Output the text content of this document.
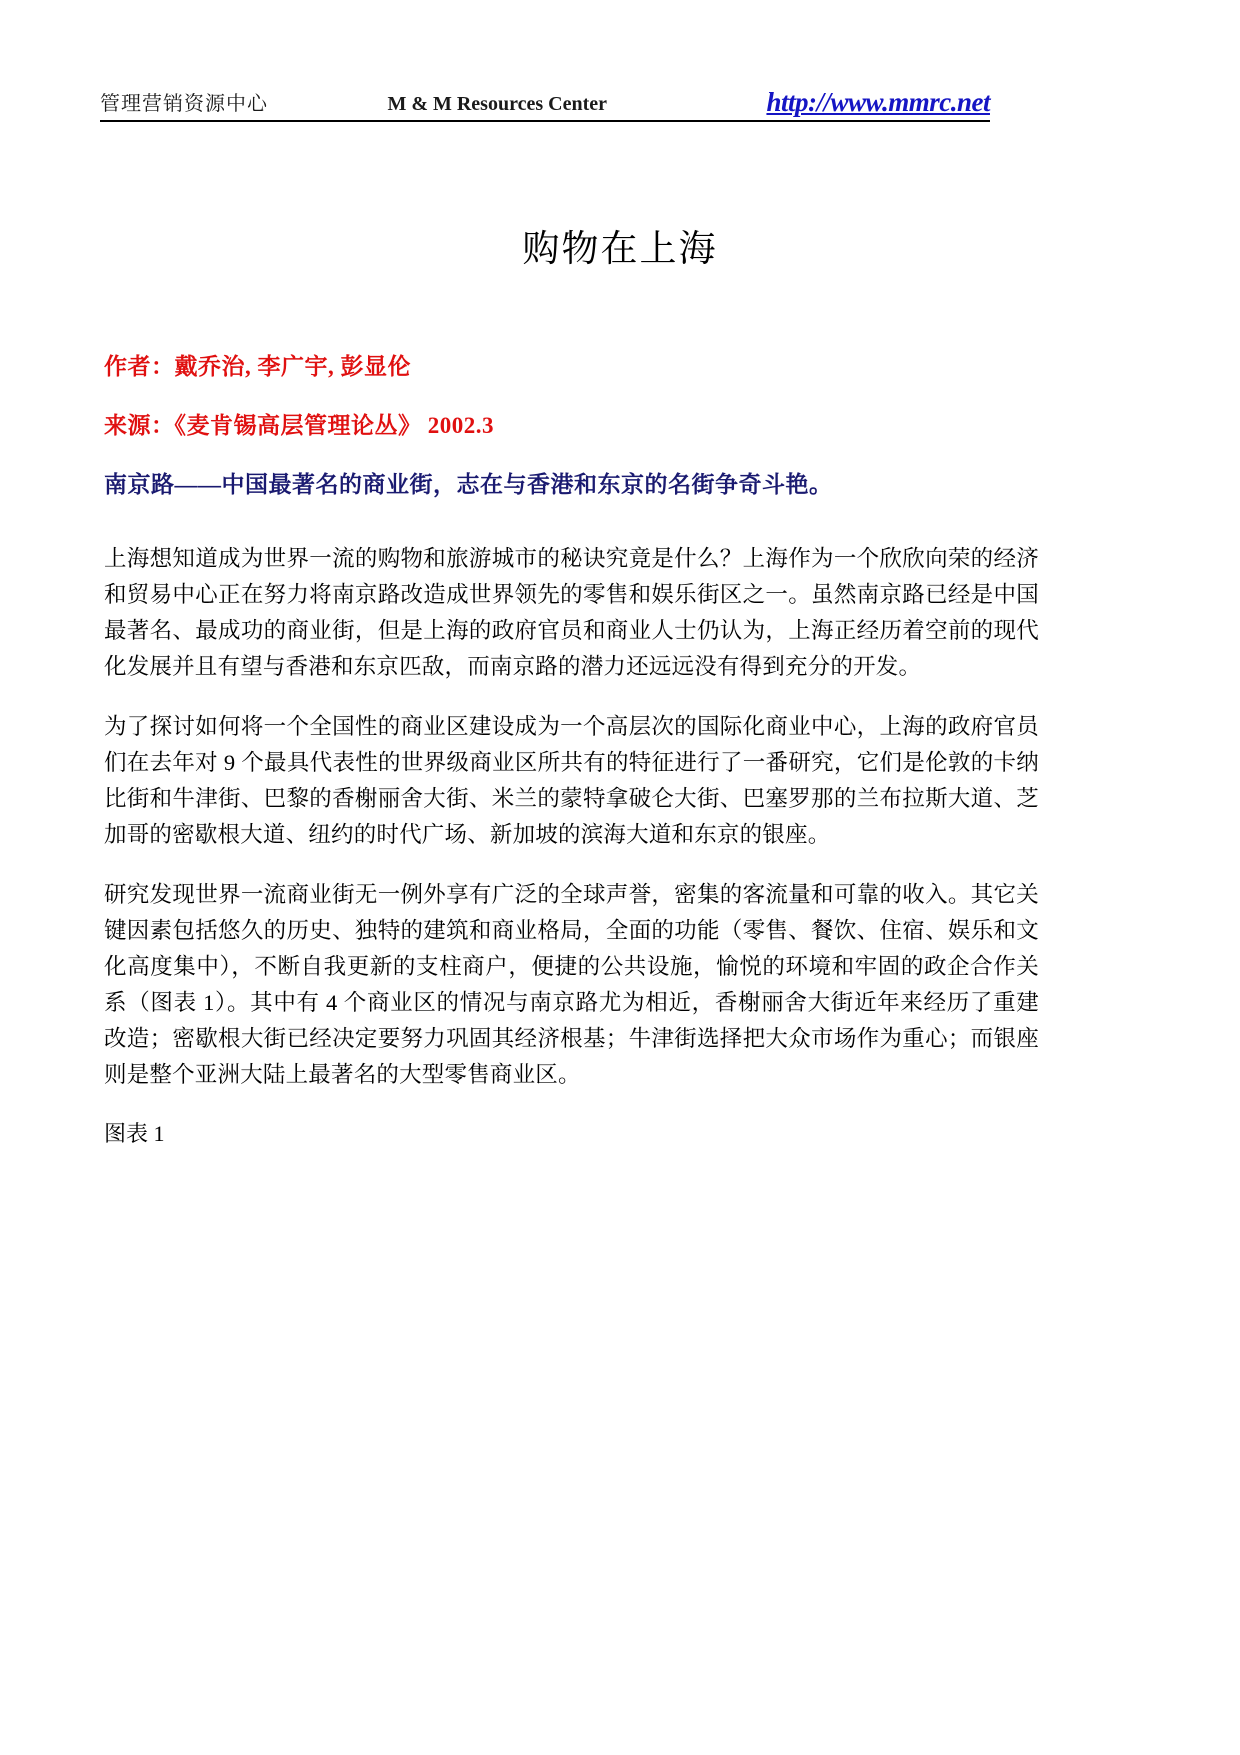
管理营销资源中心	M & M Resources Center	http://www.mmrc.net
购物在上海
作者：戴乔治, 李广宇, 彭显伦
来源：《麦肯锡高层管理论丛》 2002.3
南京路——中国最著名的商业街，志在与香港和东京的名街争奇斗艳。

上海想知道成为世界一流的购物和旅游城市的秘诀究竟是什么？上海作为一个欣欣向荣的经济和贸易中心正在努力将南京路改造成世界领先的零售和娱乐街区之一。虽然南京路已经是中国最著名、最成功的商业街，但是上海的政府官员和商业人士仍认为，上海正经历着空前的现代化发展并且有望与香港和东京匹敌，而南京路的潜力还远远没有得到充分的开发。

为了探讨如何将一个全国性的商业区建设成为一个高层次的国际化商业中心，上海的政府官员们在去年对 9 个最具代表性的世界级商业区所共有的特征进行了一番研究，它们是伦敦的卡纳比街和牛津街、巴黎的香榭丽舍大街、米兰的蒙特拿破仑大街、巴塞罗那的兰布拉斯大道、芝加哥的密歇根大道、纽约的时代广场、新加坡的滨海大道和东京的银座。

研究发现世界一流商业街无一例外享有广泛的全球声誉，密集的客流量和可靠的收入。其它关键因素包括悠久的历史、独特的建筑和商业格局，全面的功能（零售、餐饮、住宿、娱乐和文化高度集中），不断自我更新的支柱商户，便捷的公共设施，愉悦的环境和牢固的政企合作关系（图表 1）。其中有 4 个商业区的情况与南京路尤为相近，香榭丽舍大街近年来经历了重建改造；密歇根大街已经决定要努力巩固其经济根基；牛津街选择把大众市场作为重心；而银座则是整个亚洲大陆上最著名的大型零售商业区。

图表 1
